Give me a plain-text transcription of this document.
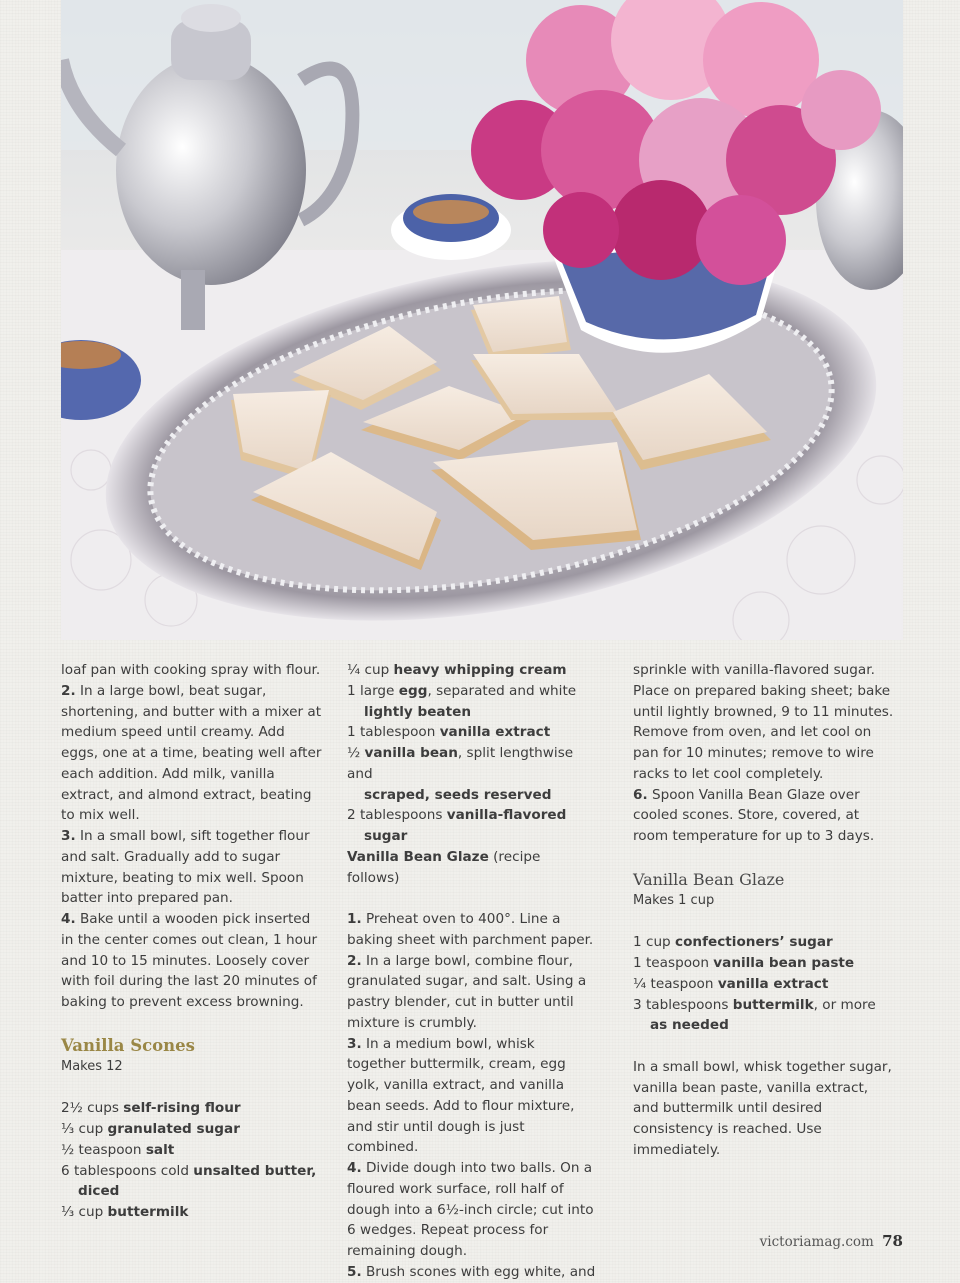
loaf pan with cooking spray with flour.

2. In a large bowl, beat sugar, shortening, and butter with a mixer at medium speed until creamy. Add eggs, one at a time, beating well after each addition. Add milk, vanilla extract, and almond extract, beating to mix well.

3. In a small bowl, sift together flour and salt. Gradually add to sugar mixture, beating to mix well. Spoon batter into prepared pan.

4. Bake until a wooden pick inserted in the center comes out clean, 1 hour and 10 to 15 minutes. Loosely cover with foil during the last 20 minutes of baking to prevent excess browning.

Vanilla Scones

Makes 12

2½ cups self-rising flour

⅓ cup granulated sugar

½ teaspoon salt

6 tablespoons cold unsalted butter,
diced

⅓ cup buttermilk

¼ cup heavy whipping cream

1 large egg, separated and white
lightly beaten

1 tablespoon vanilla extract

½ vanilla bean, split lengthwise and
scraped, seeds reserved

2 tablespoons vanilla-flavored
sugar

Vanilla Bean Glaze (recipe follows)

1. Preheat oven to 400°. Line a baking sheet with parchment paper.

2. In a large bowl, combine flour, granulated sugar, and salt. Using a pastry blender, cut in butter until mixture is crumbly.

3. In a medium bowl, whisk together buttermilk, cream, egg yolk, vanilla extract, and vanilla bean seeds. Add to flour mixture, and stir until dough is just combined.

4. Divide dough into two balls. On a floured work surface, roll half of dough into a 6½-inch circle; cut into 6 wedges. Repeat process for remaining dough.

5. Brush scones with egg white, and

sprinkle with vanilla-flavored sugar. Place on prepared baking sheet; bake until lightly browned, 9 to 11 minutes. Remove from oven, and let cool on pan for 10 minutes; remove to wire racks to let cool completely.

6. Spoon Vanilla Bean Glaze over cooled scones. Store, covered, at room temperature for up to 3 days.

Vanilla Bean Glaze

Makes 1 cup

1 cup confectioners’ sugar

1 teaspoon vanilla bean paste

¼ teaspoon vanilla extract

3 tablespoons buttermilk, or more
as needed

In a small bowl, whisk together sugar, vanilla bean paste, vanilla extract, and buttermilk until desired consistency is reached. Use immediately.

victoriamag.com 78
